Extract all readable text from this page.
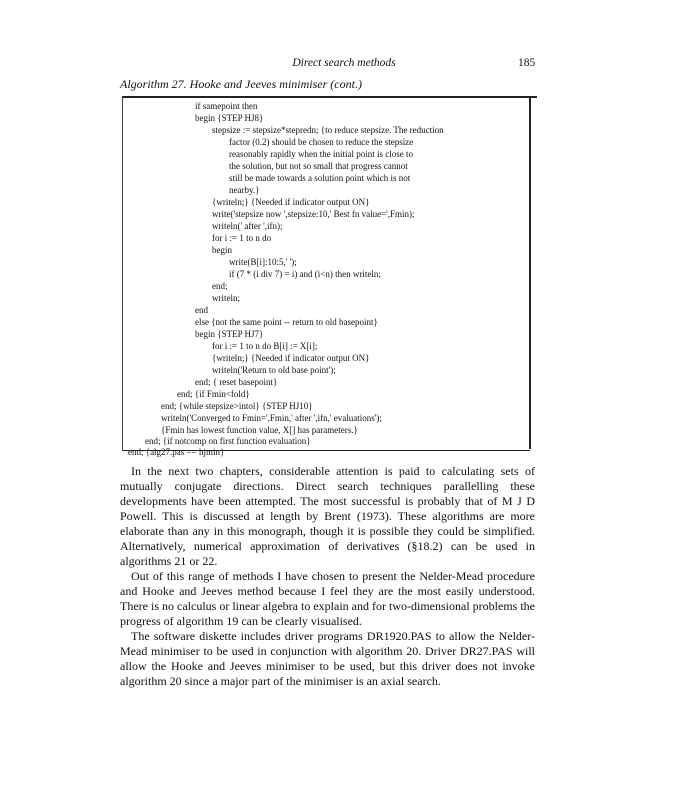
Direct search methods	185
Algorithm 27. Hooke and Jeeves minimiser (cont.)
if samepoint then
begin {STEP HJ8}
stepsize := stepsize*stepredn; {to reduce stepsize. The reduction
factor (0.2) should be chosen to reduce the stepsize
reasonably rapidly when the initial point is close to
the solution, but not so small that progress cannot
still be made towards a solution point which is not
nearby.}
{writeln;} {Needed if indicator output ON}
write('stepsize now ',stepsize:10,' Best fn value=',Fmin);
writeln(' after ',ifn);
for i := 1 to n do
begin
write(B[i]:10:5,' ');
if (7 * (i div 7) = i) and (i<n) then writeln;
end;
writeln;
end
else {not the same point -- return to old basepoint}
begin {STEP HJ7}
for i := 1 to n do B[i] := X[i];
{writeln;} {Needed if indicator output ON}
writeln('Return to old base point');
end; { reset basepoint}
end; {if Fmin<fold}
end; {while stepsize>intol} {STEP HJ10}
writeln('Converged to Fmin=',Fmin,' after ',ifn,' evaluations');
{Fmin has lowest function value, X[] has parameters.}
end; {if notcomp on first function evaluation}
end; {alg27.pas == hjmin}

In the next two chapters, considerable attention is paid to calculating sets of mutually conjugate directions. Direct search techniques parallelling these developments have been attempted. The most successful is probably that of M J D Powell. This is discussed at length by Brent (1973). These algorithms are more elaborate than any in this monograph, though it is possible they could be simplified. Alternatively, numerical approximation of derivatives (§18.2) can be used in algorithms 21 or 22.

Out of this range of methods I have chosen to present the Nelder-Mead procedure and Hooke and Jeeves method because I feel they are the most easily understood. There is no calculus or linear algebra to explain and for two-dimensional problems the progress of algorithm 19 can be clearly visualised.

The software diskette includes driver programs DR1920.PAS to allow the Nelder-Mead minimiser to be used in conjunction with algorithm 20. Driver DR27.PAS will allow the Hooke and Jeeves minimiser to be used, but this driver does not invoke algorithm 20 since a major part of the minimiser is an axial search.
